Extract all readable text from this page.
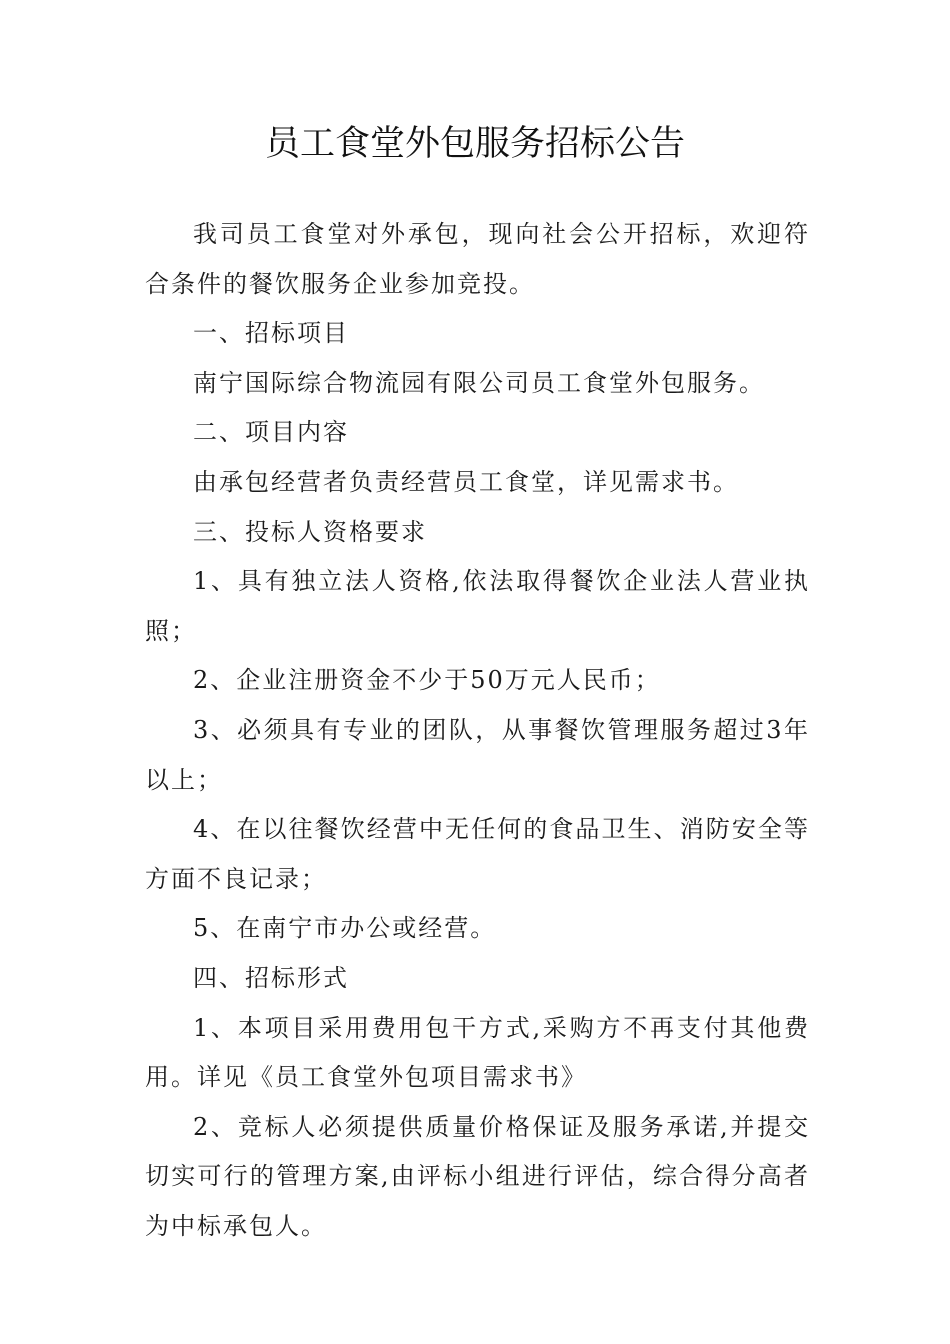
员工食堂外包服务招标公告

我司员工食堂对外承包，现向社会公开招标，欢迎符合条件的餐饮服务企业参加竞投。

一、招标项目

南宁国际综合物流园有限公司员工食堂外包服务。

二、项目内容

由承包经营者负责经营员工食堂，详见需求书。

三、投标人资格要求

1、具有独立法人资格,依法取得餐饮企业法人营业执照；

2、企业注册资金不少于50万元人民币；

3、必须具有专业的团队，从事餐饮管理服务超过3年以上；

4、在以往餐饮经营中无任何的食品卫生、消防安全等方面不良记录；

5、在南宁市办公或经营。

四、招标形式

1、本项目采用费用包干方式,采购方不再支付其他费用。详见《员工食堂外包项目需求书》

2、竞标人必须提供质量价格保证及服务承诺,并提交切实可行的管理方案,由评标小组进行评估，综合得分高者为中标承包人。
